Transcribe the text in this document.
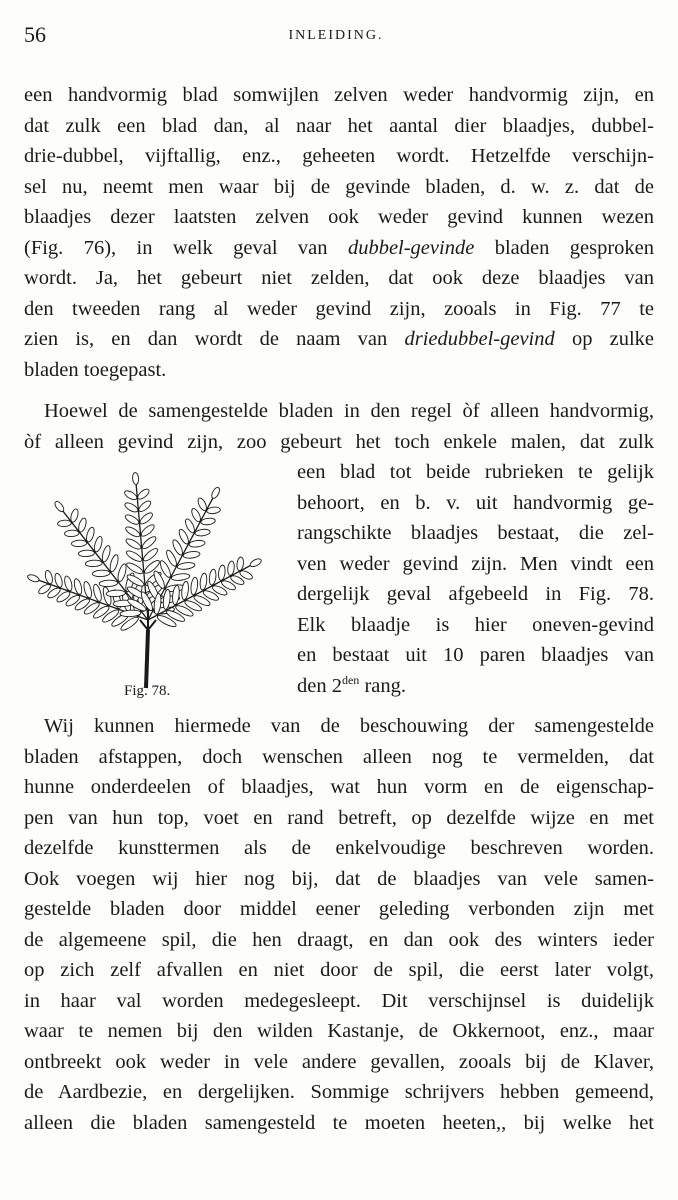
56	INLEIDING.
een handvormig blad somwijlen zelven weder handvormig zijn, en
dat zulk een blad dan, al naar het aantal dier blaadjes, dubbel-
drie-dubbel, vijftallig, enz., geheeten wordt. Hetzelfde verschijn-
sel nu, neemt men waar bij de gevinde bladen, d. w. z. dat de
blaadjes dezer laatsten zelven ook weder gevind kunnen wezen
(Fig. 76), in welk geval van dubbel-gevinde bladen gesproken
wordt. Ja, het gebeurt niet zelden, dat ook deze blaadjes van
den tweeden rang al weder gevind zijn, zooals in Fig. 77 te
zien is, en dan wordt de naam van driedubbel-gevind op zulke
bladen toegepast.
Hoewel de samengestelde bladen in den regel òf alleen handvormig,
òf alleen gevind zijn, zoo gebeurt het toch enkele malen, dat zulk
een blad tot beide rubrieken te gelijk
behoort, en b. v. uit handvormig ge-
rangschikte blaadjes bestaat, die zel-
ven weder gevind zijn. Men vindt een
dergelijk geval afgebeeld in Fig. 78.
Elk blaadje is hier oneven-gevind
en bestaat uit 10 paren blaadjes van
den $2^{den}$ rang.
Fig. 78.
Wij kunnen hiermede van de beschouwing der samengestelde
bladen afstappen, doch wenschen alleen nog te vermelden, dat
hunne onderdeelen of blaadjes, wat hun vorm en de eigenschap-
pen van hun top, voet en rand betreft, op dezelfde wijze en met
dezelfde kunsttermen als de enkelvoudige beschreven worden.
Ook voegen wij hier nog bij, dat de blaadjes van vele samen-
gestelde bladen door middel eener geleding verbonden zijn met
de algemeene spil, die hen draagt, en dan ook des winters ieder
op zich zelf afvallen en niet door de spil, die eerst later volgt,
in haar val worden medegesleept. Dit verschijnsel is duidelijk
waar te nemen bij den wilden Kastanje, de Okkernoot, enz., maar
ontbreekt ook weder in vele andere gevallen, zooals bij de Klaver,
de Aardbezie, en dergelijken. Sommige schrijvers hebben gemeend,
alleen die bladen samengesteld te moeten heeten,, bij welke het
